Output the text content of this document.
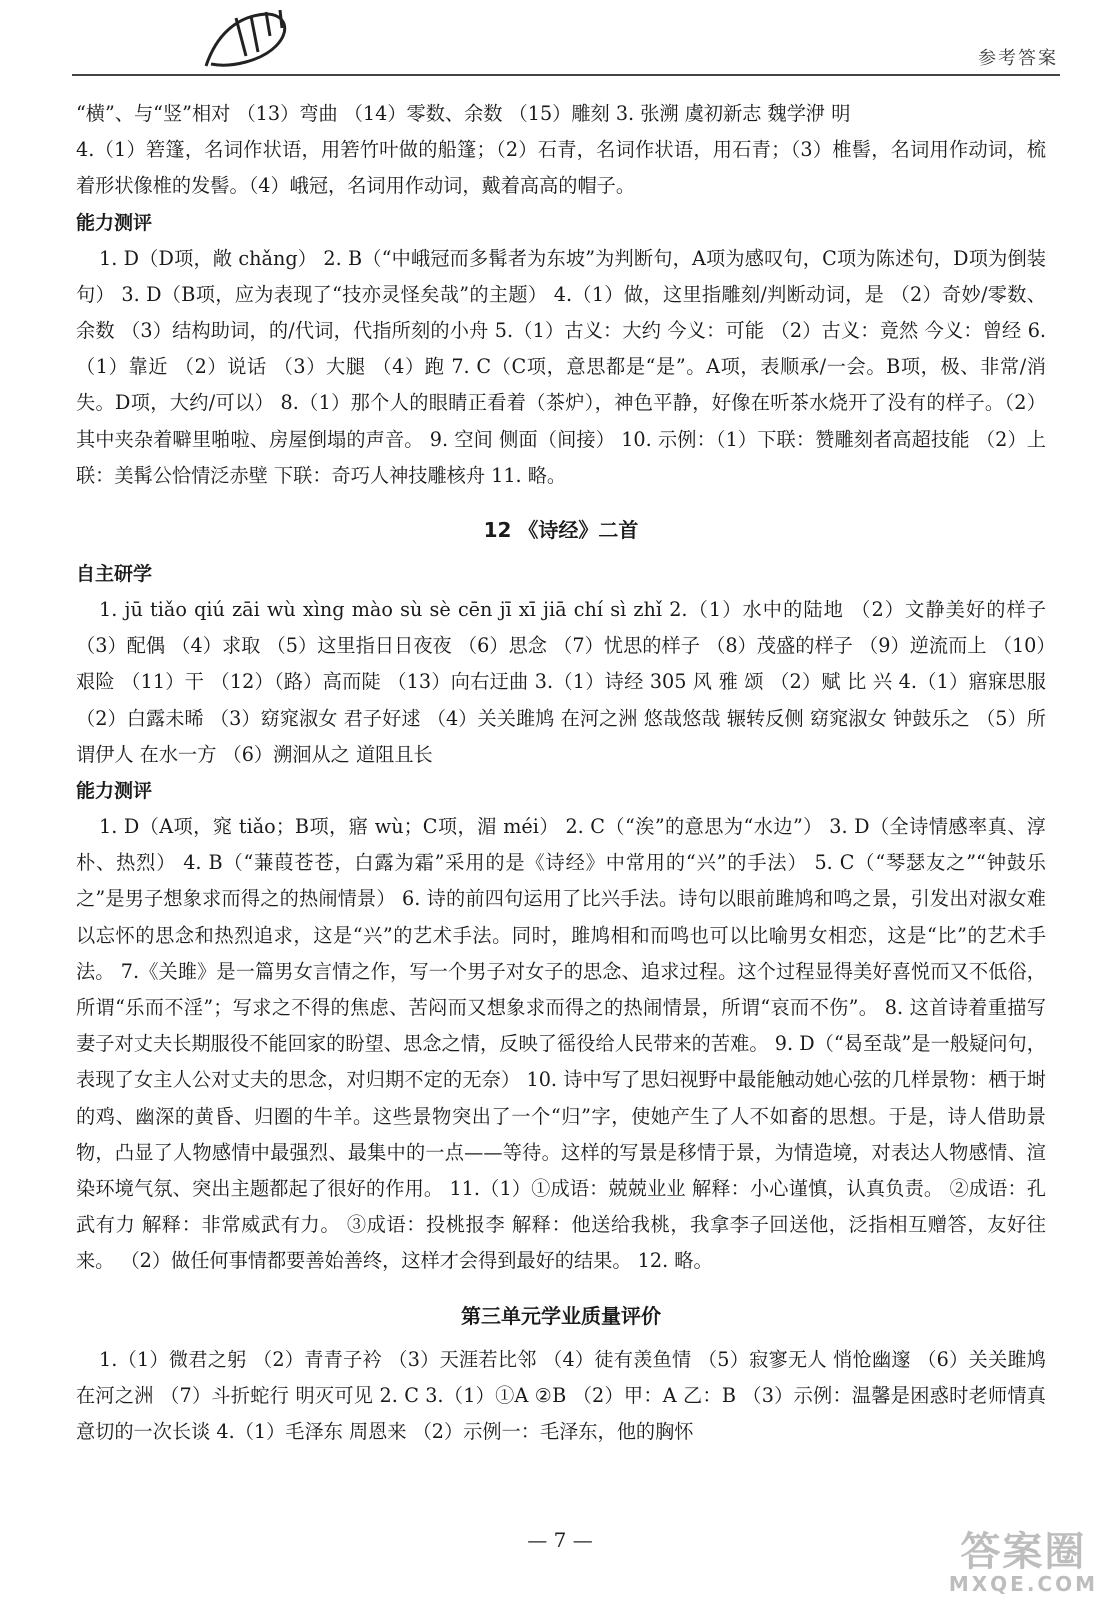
参考答案

“横”、与“竖”相对 （13）弯曲 （14）零数、余数 （15）雕刻 3. 张溯 虞初新志 魏学洢 明

4.（1）箬篷，名词作状语，用箬竹叶做的船篷；（2）石青，名词作状语，用石青；（3）椎髻，名词用作动词，梳着形状像椎的发髻。（4）峨冠，名词用作动词，戴着高高的帽子。

能力测评

1. D（D项，敞 chǎng） 2. B（“中峨冠而多髯者为东坡”为判断句，A项为感叹句，C项为陈述句，D项为倒装句） 3. D（B项，应为表现了“技亦灵怪矣哉”的主题） 4.（1）做，这里指雕刻/判断动词，是 （2）奇妙/零数、余数 （3）结构助词，的/代词，代指所刻的小舟 5.（1）古义：大约 今义：可能 （2）古义：竟然 今义：曾经 6.（1）靠近 （2）说话 （3）大腿 （4）跑 7. C（C项，意思都是“是”。A项，表顺承/一会。B项，极、非常/消失。D项，大约/可以） 8.（1）那个人的眼睛正看着（茶炉），神色平静，好像在听茶水烧开了没有的样子。（2）其中夹杂着噼里啪啦、房屋倒塌的声音。 9. 空间 侧面（间接） 10. 示例：（1）下联：赞雕刻者高超技能 （2）上联：美髯公恰情泛赤壁 下联：奇巧人神技雕核舟 11. 略。

12 《诗经》二首

自主研学

1. jū tiǎo qiú zāi wù xìng mào sù sè cēn jī xī jiā chí sì zhǐ 2.（1）水中的陆地 （2）文静美好的样子 （3）配偶 （4）求取 （5）这里指日日夜夜 （6）思念 （7）忧思的样子 （8）茂盛的样子 （9）逆流而上 （10）艰险 （11）干 （12）（路）高而陡 （13）向右迂曲 3.（1）诗经 305 风 雅 颂 （2）赋 比 兴 4.（1）寤寐思服 （2）白露未晞 （3）窈窕淑女 君子好逑 （4）关关雎鸠 在河之洲 悠哉悠哉 辗转反侧 窈窕淑女 钟鼓乐之 （5）所谓伊人 在水一方 （6）溯洄从之 道阻且长

能力测评

1. D（A项，窕 tiǎo；B项，寤 wù；C项，湄 méi） 2. C（“涘”的意思为“水边”） 3. D（全诗情感率真、淳朴、热烈） 4. B（“蒹葭苍苍，白露为霜”采用的是《诗经》中常用的“兴”的手法） 5. C（“琴瑟友之”“钟鼓乐之”是男子想象求而得之的热闹情景） 6. 诗的前四句运用了比兴手法。诗句以眼前雎鸠和鸣之景，引发出对淑女难以忘怀的思念和热烈追求，这是“兴”的艺术手法。同时，雎鸠相和而鸣也可以比喻男女相恋，这是“比”的艺术手法。 7.《关雎》是一篇男女言情之作，写一个男子对女子的思念、追求过程。这个过程显得美好喜悦而又不低俗，所谓“乐而不淫”；写求之不得的焦虑、苦闷而又想象求而得之的热闹情景，所谓“哀而不伤”。 8. 这首诗着重描写妻子对丈夫长期服役不能回家的盼望、思念之情，反映了徭役给人民带来的苦难。 9. D（“曷至哉”是一般疑问句，表现了女主人公对丈夫的思念，对归期不定的无奈） 10. 诗中写了思妇视野中最能触动她心弦的几样景物：栖于埘的鸡、幽深的黄昏、归圈的牛羊。这些景物突出了一个“归”字，使她产生了人不如畜的思想。于是，诗人借助景物，凸显了人物感情中最强烈、最集中的一点——等待。这样的写景是移情于景，为情造境，对表达人物感情、渲染环境气氛、突出主题都起了很好的作用。 11.（1）①成语：兢兢业业 解释：小心谨慎，认真负责。 ②成语：孔武有力 解释：非常威武有力。 ③成语：投桃报李 解释：他送给我桃，我拿李子回送他，泛指相互赠答，友好往来。 （2）做任何事情都要善始善终，这样才会得到最好的结果。 12. 略。

第三单元学业质量评价

1.（1）微君之躬 （2）青青子衿 （3）天涯若比邻 （4）徒有羡鱼情 （5）寂寥无人 悄怆幽邃 （6）关关雎鸠 在河之洲 （7）斗折蛇行 明灭可见 2. C 3.（1）①A ②B （2）甲：A 乙：B （3）示例：温馨是困惑时老师情真意切的一次长谈 4.（1）毛泽东 周恩来 （2）示例一：毛泽东，他的胸怀

— 7 —	答案圈
MXQE.COM
